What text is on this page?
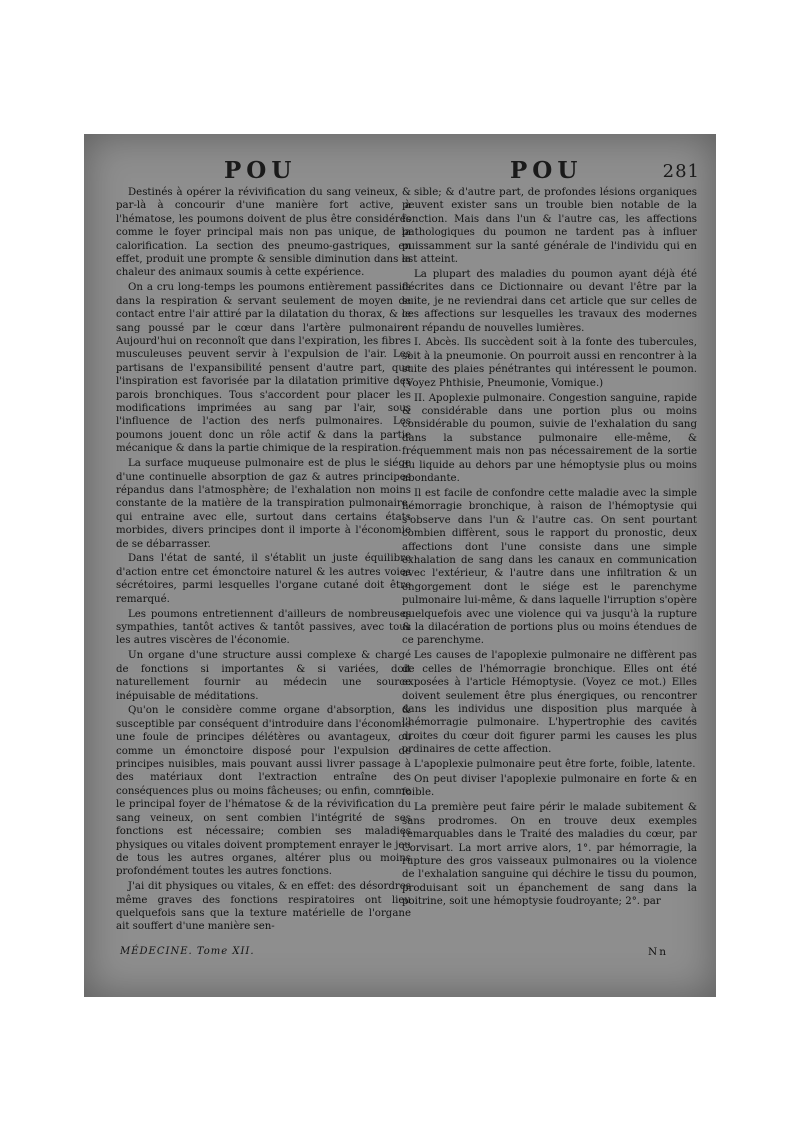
POU	POU	281

Destinés à opérer la révivification du sang veineux, & par-là à concourir d'une manière fort active, à l'hématose, les poumons doivent de plus être considérés comme le foyer principal mais non pas unique, de la calorification. La section des pneumo-gastriques, en effet, produit une prompte & sensible diminution dans la chaleur des animaux soumis à cette expérience.

On a cru long-temps les poumons entièrement passifs dans la respiration & servant seulement de moyen de contact entre l'air attiré par la dilatation du thorax, & le sang poussé par le cœur dans l'artère pulmonaire. Aujourd'hui on reconnoît que dans l'expiration, les fibres musculeuses peuvent servir à l'expulsion de l'air. Les partisans de l'expansibilité pensent d'autre part, que l'inspiration est favorisée par la dilatation primitive des parois bronchiques. Tous s'accordent pour placer les modifications imprimées au sang par l'air, sous l'influence de l'action des nerfs pulmonaires. Les poumons jouent donc un rôle actif & dans la partie mécanique & dans la partie chimique de la respiration.

La surface muqueuse pulmonaire est de plus le siége d'une continuelle absorption de gaz & autres principes répandus dans l'atmosphère; de l'exhalation non moins constante de la matière de la transpiration pulmonaire, qui entraine avec elle, surtout dans certains états morbides, divers principes dont il importe à l'économie de se débarrasser.

Dans l'état de santé, il s'établit un juste équilibre d'action entre cet émonctoire naturel & les autres voies sécrétoires, parmi lesquelles l'organe cutané doit être remarqué.

Les poumons entretiennent d'ailleurs de nombreuses sympathies, tantôt actives & tantôt passives, avec tous les autres viscères de l'économie.

Un organe d'une structure aussi complexe & chargé de fonctions si importantes & si variées, doit naturellement fournir au médecin une source inépuisable de méditations.

Qu'on le considère comme organe d'absorption, & susceptible par conséquent d'introduire dans l'économie une foule de principes délétères ou avantageux, ou comme un émonctoire disposé pour l'expulsion de principes nuisibles, mais pouvant aussi livrer passage à des matériaux dont l'extraction entraîne des conséquences plus ou moins fâcheuses; ou enfin, comme le principal foyer de l'hématose & de la révivification du sang veineux, on sent combien l'intégrité de ses fonctions est nécessaire; combien ses maladies physiques ou vitales doivent promptement enrayer le jeu de tous les autres organes, altérer plus ou moins profondément toutes les autres fonctions.

J'ai dit physiques ou vitales, & en effet: des désordres même graves des fonctions respiratoires ont lieu quelquefois sans que la texture matérielle de l'organe ait souffert d'une manière sen-

sible; & d'autre part, de profondes lésions organiques peuvent exister sans un trouble bien notable de la fonction. Mais dans l'un & l'autre cas, les affections pathologiques du poumon ne tardent pas à influer puissamment sur la santé générale de l'individu qui en est atteint.

La plupart des maladies du poumon ayant déjà été décrites dans ce Dictionnaire ou devant l'être par la suite, je ne reviendrai dans cet article que sur celles de ces affections sur lesquelles les travaux des modernes ont répandu de nouvelles lumières.

I. Abcès. Ils succèdent soit à la fonte des tubercules, soit à la pneumonie. On pourroit aussi en rencontrer à la suite des plaies pénétrantes qui intéressent le poumon. (Voyez Phthisie, Pneumonie, Vomique.)

II. Apoplexie pulmonaire. Congestion sanguine, rapide & considérable dans une portion plus ou moins considérable du poumon, suivie de l'exhalation du sang dans la substance pulmonaire elle-même, & fréquemment mais non pas nécessairement de la sortie du liquide au dehors par une hémoptysie plus ou moins abondante.

Il est facile de confondre cette maladie avec la simple hémorragie bronchique, à raison de l'hémoptysie qui s'observe dans l'un & l'autre cas. On sent pourtant combien diffèrent, sous le rapport du pronostic, deux affections dont l'une consiste dans une simple exhalation de sang dans les canaux en communication avec l'extérieur, & l'autre dans une infiltration & un engorgement dont le siége est le parenchyme pulmonaire lui-même, & dans laquelle l'irruption s'opère quelquefois avec une violence qui va jusqu'à la rupture & la dilacération de portions plus ou moins étendues de ce parenchyme.

Les causes de l'apoplexie pulmonaire ne diffèrent pas de celles de l'hémorragie bronchique. Elles ont été exposées à l'article Hémoptysie. (Voyez ce mot.) Elles doivent seulement être plus énergiques, ou rencontrer dans les individus une disposition plus marquée à l'hémorragie pulmonaire. L'hypertrophie des cavités droites du cœur doit figurer parmi les causes les plus ordinaires de cette affection.

L'apoplexie pulmonaire peut être forte, foible, latente.

On peut diviser l'apoplexie pulmonaire en forte & en foible.

La première peut faire périr le malade subitement & sans prodromes. On en trouve deux exemples remarquables dans le Traité des maladies du cœur, par Corvisart. La mort arrive alors, 1°. par hémorragie, la rupture des gros vaisseaux pulmonaires ou la violence de l'exhalation sanguine qui déchire le tissu du poumon, produisant soit un épanchement de sang dans la poitrine, soit une hémoptysie foudroyante; 2°. par

MÉDECINE. Tome XII.	Nn
